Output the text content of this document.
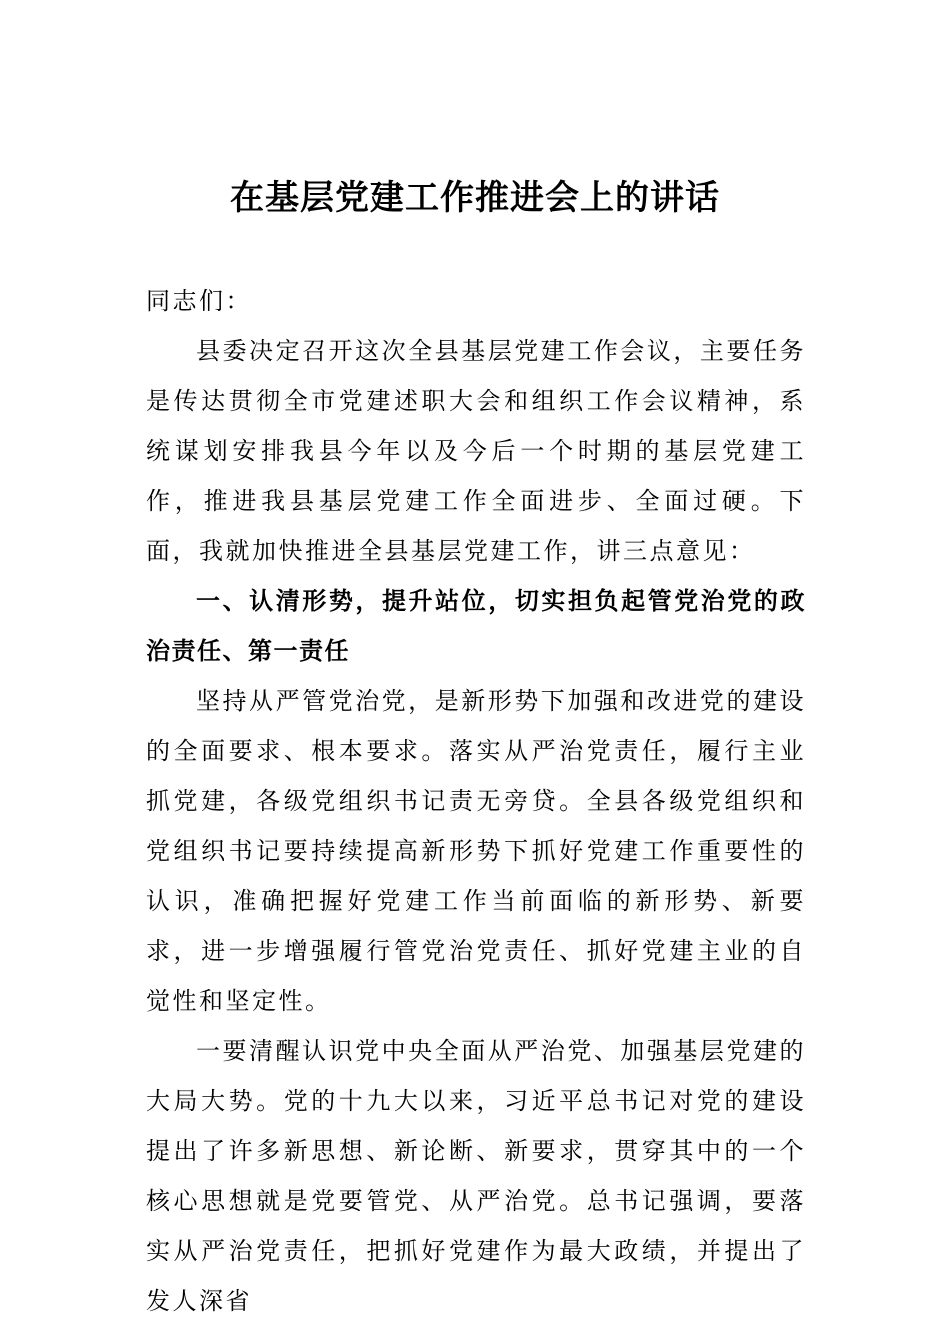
在基层党建工作推进会上的讲话

同志们：

县委决定召开这次全县基层党建工作会议，主要任务是传达贯彻全市党建述职大会和组织工作会议精神，系统谋划安排我县今年以及今后一个时期的基层党建工作，推进我县基层党建工作全面进步、全面过硬。下面，我就加快推进全县基层党建工作，讲三点意见：

一、认清形势，提升站位，切实担负起管党治党的政治责任、第一责任

坚持从严管党治党，是新形势下加强和改进党的建设的全面要求、根本要求。落实从严治党责任，履行主业抓党建，各级党组织书记责无旁贷。全县各级党组织和党组织书记要持续提高新形势下抓好党建工作重要性的认识，准确把握好党建工作当前面临的新形势、新要求，进一步增强履行管党治党责任、抓好党建主业的自觉性和坚定性。

一要清醒认识党中央全面从严治党、加强基层党建的大局大势。党的十九大以来，习近平总书记对党的建设提出了许多新思想、新论断、新要求，贯穿其中的一个核心思想就是党要管党、从严治党。总书记强调，要落实从严治党责任，把抓好党建作为最大政绩，并提出了发人深省
